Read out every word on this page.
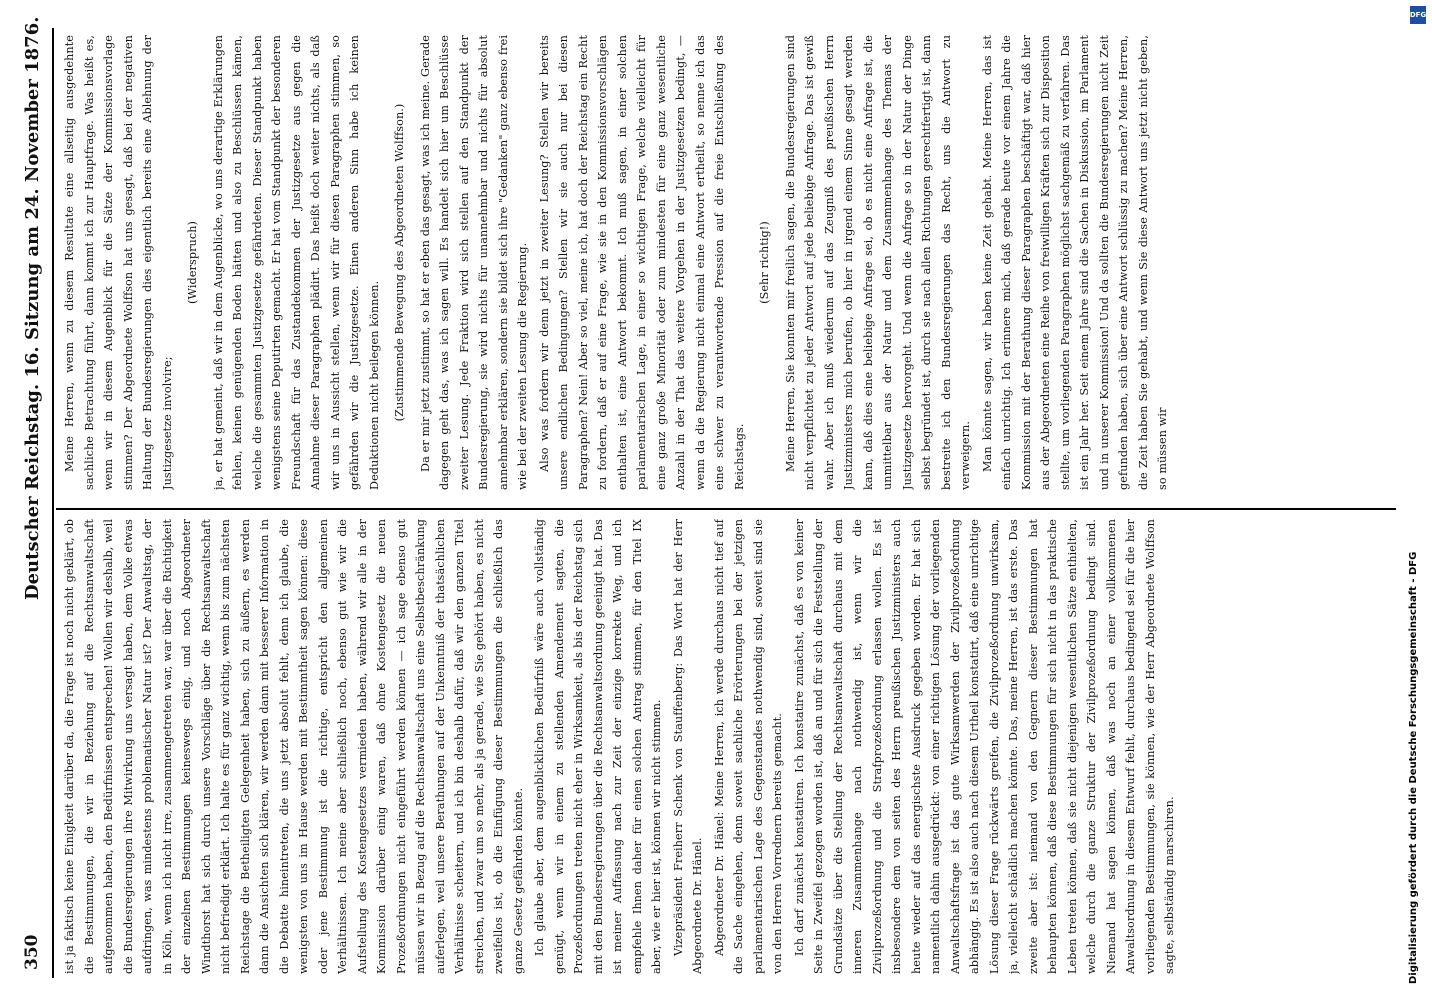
350
Deutscher Reichstag. 16. Sitzung am 24. November 1876.

ist ja faktisch keine Einigkeit darüber da, die Frage ist noch nicht geklärt, ob die Bestimmungen, die wir in Beziehung auf die Rechtsanwaltschaft aufgenommen haben, den Bedürfnissen entsprechen! Wollen wir deshalb, weil die Bundesregierungen ihre Mitwirkung uns versagt haben, dem Volke etwas aufdringen, was mindestens problematischer Natur ist? Der Anwaltstag, der in Köln, wenn ich nicht irre, zusammengetreten war, war über die Richtigkeit der einzelnen Bestimmungen keineswegs einig, und noch Abgeordneter Windthorst hat sich durch unsere Vorschläge über die Rechtsanwaltschaft nicht befriedigt erklärt. Ich halte es für ganz wichtig, wenn bis zum nächsten Reichstage die Betheiligten Gelegenheit haben, sich zu äußern, es werden dann die Ansichten sich klären, wir werden dann mit besserer Information in die Debatte hineintreten, die uns jetzt absolut fehlt, denn ich glaube, die wenigsten von uns im Hause werden mit Bestimmtheit sagen können: diese oder jene Bestimmung ist die richtige, entspricht den allgemeinen Verhältnissen. Ich meine aber schließlich noch, ebenso gut wie wir die Aufstellung des Kostengesetzes vermieden haben, während wir alle in der Kommission darüber einig waren, daß ohne Kostengesetz die neuen Prozeßordnungen nicht eingeführt werden können — ich sage ebenso gut müssen wir in Bezug auf die Rechtsanwaltschaft uns eine Selbstbeschränkung auferlegen, weil unsere Berathungen auf der Unkenntniß der thatsächlichen Verhältnisse scheitern, und ich bin deshalb dafür, daß wir den ganzen Titel streichen, und zwar um so mehr, als ja gerade, wie Sie gehört haben, es nicht zweifellos ist, ob die Einfügung dieser Bestimmungen die schließlich das ganze Gesetz gefährden könnte. Ich glaube aber, dem augenblicklichen Bedürfniß wäre auch vollständig genügt, wenn wir in einem zu stellenden Amendement sagten, die Prozeßordnungen treten nicht eher in Wirksamkeit, als bis der Reichstag sich mit den Bundesregierungen über die Rechtsanwaltsordnung geeinigt hat. Das ist meiner Auffassung nach zur Zeit der einzige korrekte Weg, und ich empfehle Ihnen daher für einen solchen Antrag stimmen, für den Titel IX aber, wie er hier ist, können wir nicht stimmen. Vizepräsident Freiherr Schenk von Stauffenberg: Das Wort hat der Herr Abgeordnete Dr. Hänel. Abgeordneter Dr. Hänel: Meine Herren, ich werde durchaus nicht tief auf die Sache eingehen, denn soweit sachliche Erörterungen bei der jetzigen parlamentarischen Lage des Gegenstandes nothwendig sind, soweit sind sie von den Herren Vorrednern bereits gemacht. Ich darf zunächst konstatiren. Ich konstatire zunächst, daß es von keiner Seite in Zweifel gezogen worden ist, daß an und für sich die Feststellung der Grundsätze über die Stellung der Rechtsanwaltschaft durchaus mit dem inneren Zusammenhange nach nothwendig ist, wenn wir die Zivilprozeßordnung und die Strafprozeßordnung erlassen wollen. Es ist insbesondere dem von seiten des Herrn preußischen Justizministers auch heute wieder auf das energischste Ausdruck gegeben worden. Er hat sich namentlich dahin ausgedrückt: von einer richtigen Lösung der vorliegenden Anwaltschaftsfrage ist das gute Wirksamwerden der Zivilprozeßordnung abhängig. Es ist also auch nach diesem Urtheil konstatirt, daß eine unrichtige Lösung dieser Frage rückwärts greifen, die Zivilprozeßordnung unwirksam, ja, vielleicht schädlich machen könnte. Das, meine Herren, ist das erste. Das zweite aber ist: niemand von den Gegnern dieser Bestimmungen hat behaupten können, daß diese Bestimmungen für sich nicht in das praktische Leben treten können, daß sie nicht diejenigen wesentlichen Sätze enthielten, welche durch die ganze Struktur der Zivilprozeßordnung bedingt sind. Niemand hat sagen können, daß was noch an einer vollkommenen Anwaltsordnung in diesem Entwurf fehlt, durchaus bedingend sei für die hier vorliegenden Bestimmungen, sie können, wie der Herr Abgeordnete Wolffson sagte, selbständig marschiren.

Meine Herren, wenn zu diesem Resultate eine allseitig ausgedehnte sachliche Betrachtung führt, dann kommt ich zur Hauptfrage. Was heißt es, wenn wir in diesem Augenblick für die Sätze der Kommissionsvorlage stimmen? Der Abgeordnete Wolffson hat uns gesagt, daß bei der negativen Haltung der Bundesregierungen dies eigentlich bereits eine Ablehnung der Justizgesetze involvire;

(Widerspruch)	ja, er hat gemeint, daß wir in dem Augenblicke, wo uns derartige Erklärungen fehlen, keinen genügenden Boden hätten und also zu Beschlüssen kämen, welche die gesammten Justizgesetze gefährdeten. Dieser Standpunkt haben wenigstens seine Deputirten gemacht. Er hat vom Standpunkt der besonderen Freundschaft für das Zustandekommen der Justizgesetze aus gegen die Annahme dieser Paragraphen plädirt. Das heißt doch weiter nichts, als daß wir uns in Aussicht stellen, wenn wir für diesen Paragraphen stimmen, so gefährden wir die Justizgesetze. Einen anderen Sinn habe ich keinen Deduktionen nicht beilegen können.	(Zustimmende Bewegung des Abgeordneten Wolffson.)	Da er mir jetzt zustimmt, so hat er eben das gesagt, was ich meine. Gerade dagegen geht das, was ich sagen will. Es handelt sich hier um Beschlüsse zweiter Lesung. Jede Fraktion wird sich stellen auf den Standpunkt der Bundesregierung, sie wird nichts für unannehmbar und nichts für absolut annehmbar erklären, sondern sie bildet sich ihre "Gedanken" ganz ebenso frei wie bei der zweiten Lesung die Regierung. Also was fordern wir denn jetzt in zweiter Lesung? Stellen wir bereits unsere endlichen Bedingungen? Stellen wir sie auch nur bei diesen Paragraphen? Nein! Aber so viel, meine ich, hat doch der Reichstag ein Recht zu fordern, daß er auf eine Frage, wie sie in den Kommissionsvorschlägen enthalten ist, eine Antwort bekommt. Ich muß sagen, in einer solchen parlamentarischen Lage, in einer so wichtigen Frage, welche vielleicht für eine ganz große Minorität oder zum mindesten für eine ganz wesentliche Anzahl in der That das weitere Vorgehen in der Justizgesetzen bedingt, — wenn da die Regierung nicht einmal eine Antwort ertheilt, so nenne ich das eine schwer zu verantwortende Pression auf die freie Entschließung des Reichstags.

(Sehr richtig!)	Meine Herren, Sie konnten mir freilich sagen, die Bundesregierungen sind nicht verpflichtet zu jeder Antwort auf jede beliebige Anfrage. Das ist gewiß wahr. Aber ich muß wiederum auf das Zeugniß des preußischen Herrn Justizministers mich berufen, ob hier in irgend einem Sinne gesagt werden kann, daß dies eine beliebige Anfrage sei, ob es nicht eine Anfrage ist, die unmittelbar aus der Natur und dem Zusammenhange des Themas der Justizgesetze hervorgeht. Und wenn die Anfrage so in der Natur der Dinge selbst begründet ist, durch sie nach allen Richtungen gerechtfertigt ist, dann bestreite ich den Bundesregierungen das Recht, uns die Antwort zu verweigern. Man könnte sagen, wir haben keine Zeit gehabt. Meine Herren, das ist einfach unrichtig. Ich erinnere mich, daß gerade heute vor einem Jahre die Kommission mit der Berathung dieser Paragraphen beschäftigt war, daß hier aus der Abgeordneten eine Reihe von freiwilligen Kräften sich zur Disposition stellte, um vorliegenden Paragraphen möglichst sachgemäß zu verfahren. Das ist ein Jahr her. Seit einem Jahre sind die Sachen in Diskussion, im Parlament und in unserer Kommission! Und da sollten die Bundesregierungen nicht Zeit gefunden haben, sich über eine Antwort schlüssig zu machen? Meine Herren, die Zeit haben Sie gehabt, und wenn Sie diese Antwort uns jetzt nicht geben, so müssen wir

DFG
Digitalisierung gefördert durch die Deutsche Forschungsgemeinschaft - DFG
